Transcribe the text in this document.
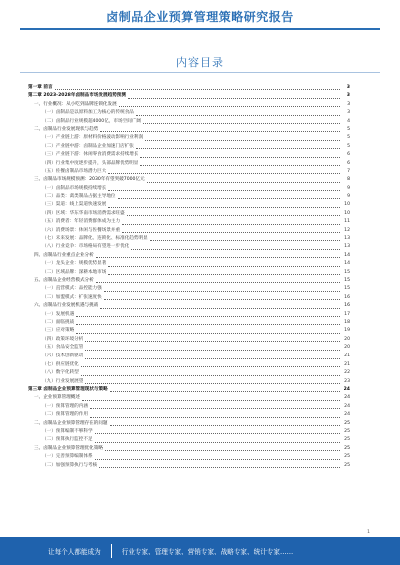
卤制品企业预算管理策略研究报告
内容目录
第一章 前言	3
第二章 2023-2028年卤制品市场发展趋势预测	3
一、行业概况：从小吃到品牌连锁化发展	3
（一）卤制品是以原料加工为核心的传统食品	3
（二）卤制品行业规模超4000亿，市场空间广阔	4
二、卤制品行业发展现状与趋势	5
（一）产业链上游：原材料价格波动影响行业利润	5
（二）产业链中游：卤制品企业加速门店扩张	5
（三）产业链下游：休闲零食消费需求持续增长	6
（四）行业集中度逐步提升，头部品牌优势明显	6
（五）佐餐卤制品市场潜力巨大	7
三、卤制品市场规模预测：2030年有望突破7000亿元	8
（一）卤制品市场规模持续增长	9
（二）品类：禽类制品占据主导地位	9
（三）渠道：线上渠道快速发展	10
（四）区域：华东华南市场消费需求旺盛	10
（五）消费者：年轻消费群体成为主力	11
（六）消费场景：休闲与佐餐场景并重	12
（七）未来发展：品牌化、连锁化、标准化趋势明显	13
（八）行业竞争：市场格局有望进一步优化	13
四、卤制品行业重点企业分析	14
（一）龙头企业：规模优势显著	14
（二）区域品牌：深耕本地市场	15
五、卤制品企业经营模式分析	15
（一）直营模式：品控能力强	15
（二）加盟模式：扩张速度快	16
六、卤制品行业发展机遇与挑战	16
（一）发展机遇	17
（二）面临挑战	18
（三）应对策略	19
（四）政策环境分析	20
（五）食品安全监管	20
（六）技术创新驱动	21
（七）供应链优化	21
（八）数字化转型	22
（九）行业发展展望	23
第三章 卤制品企业预算管理现状与策略	24
一、企业预算管理概述	24
（一）预算管理的内涵	24
（二）预算管理的作用	24
二、卤制品企业预算管理存在的问题	25
（一）预算编制不够科学	25
（二）预算执行监控不足	25
三、卤制品企业预算管理优化策略	25
（一）完善预算编制体系	25
（二）加强预算执行与考核	25
1
让每个人都能成为	行业专家、管理专家、营销专家、战略专家、统计专家……
